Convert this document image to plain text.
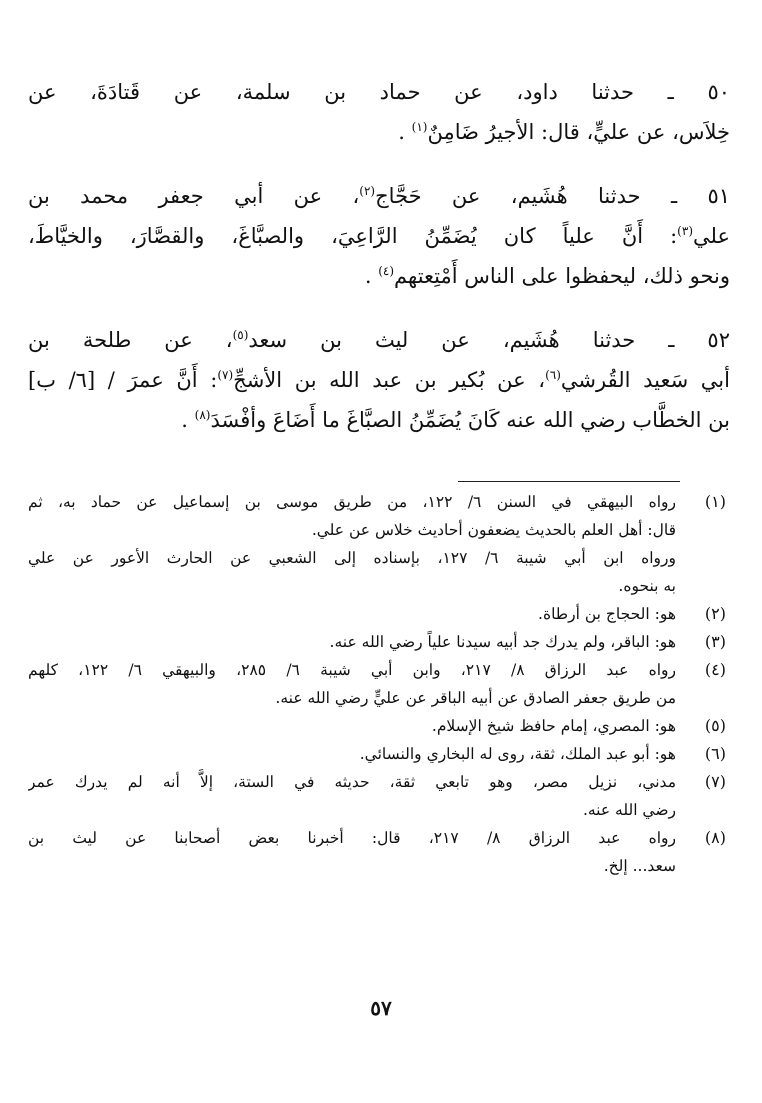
٥٠ ـ حدثنا داود، عن حماد بن سلمة، عن قَتادَةَ، عن
خِلاَس، عن عليٍّ، قال: الأجيرُ ضَامِنٌ$^{(١)}$ .
٥١ ـ حدثنا هُشَيم، عن حَجَّاج$^{(٢)}$، عن أبي جعفر محمد بن
علي$^{(٣)}$: أَنَّ علياً كان يُضَمِّنُ الرَّاعِيَ، والصبَّاغَ، والقصَّارَ، والخيَّاطَ،
ونحو ذلك، ليحفظوا على الناس أَمْتِعتهم$^{(٤)}$ .
٥٢ ـ حدثنا هُشَيم، عن ليث بن سعد$^{(٥)}$، عن طلحة بن
أبي سَعيد القُرشي$^{(٦)}$، عن بُكير بن عبد الله بن الأشجِّ$^{(٧)}$: أَنَّ عمرَ / [٦/ ب]
بن الخطَّاب رضي الله عنه كَانَ يُضَمِّنُ الصبَّاغَ ما أَضَاعَ وأفْسَدَ$^{(٨)}$ .
(١)
رواه البيهقي في السنن ٦/ ١٢٢، من طريق موسى بن إسماعيل عن حماد به، ثم
قال: أهل العلم بالحديث يضعفون أحاديث خلاس عن علي.
ورواه ابن أبي شيبة ٦/ ١٢٧، بإسناده إلى الشعبي عن الحارث الأعور عن علي
به بنحوه.
(٢)
هو: الحجاج بن أرطاة.
(٣)
هو: الباقر، ولم يدرك جد أبيه سيدنا علياً رضي الله عنه.
(٤)
رواه عبد الرزاق ٨/ ٢١٧، وابن أبي شيبة ٦/ ٢٨٥، والبيهقي ٦/ ١٢٢، كلهم
من طريق جعفر الصادق عن أبيه الباقر عن عليٍّ رضي الله عنه.
(٥)
هو: المصري، إمام حافظ شيخ الإسلام.
(٦)
هو: أبو عبد الملك، ثقة، روى له البخاري والنسائي.
(٧)
مدني، نزيل مصر، وهو تابعي ثقة، حديثه في الستة، إلاَّ أنه لم يدرك عمر
رضي الله عنه.
(٨)
رواه عبد الرزاق ٨/ ٢١٧، قال: أخبرنا بعض أصحابنا عن ليث بن
سعد... إلخ.
٥٧
